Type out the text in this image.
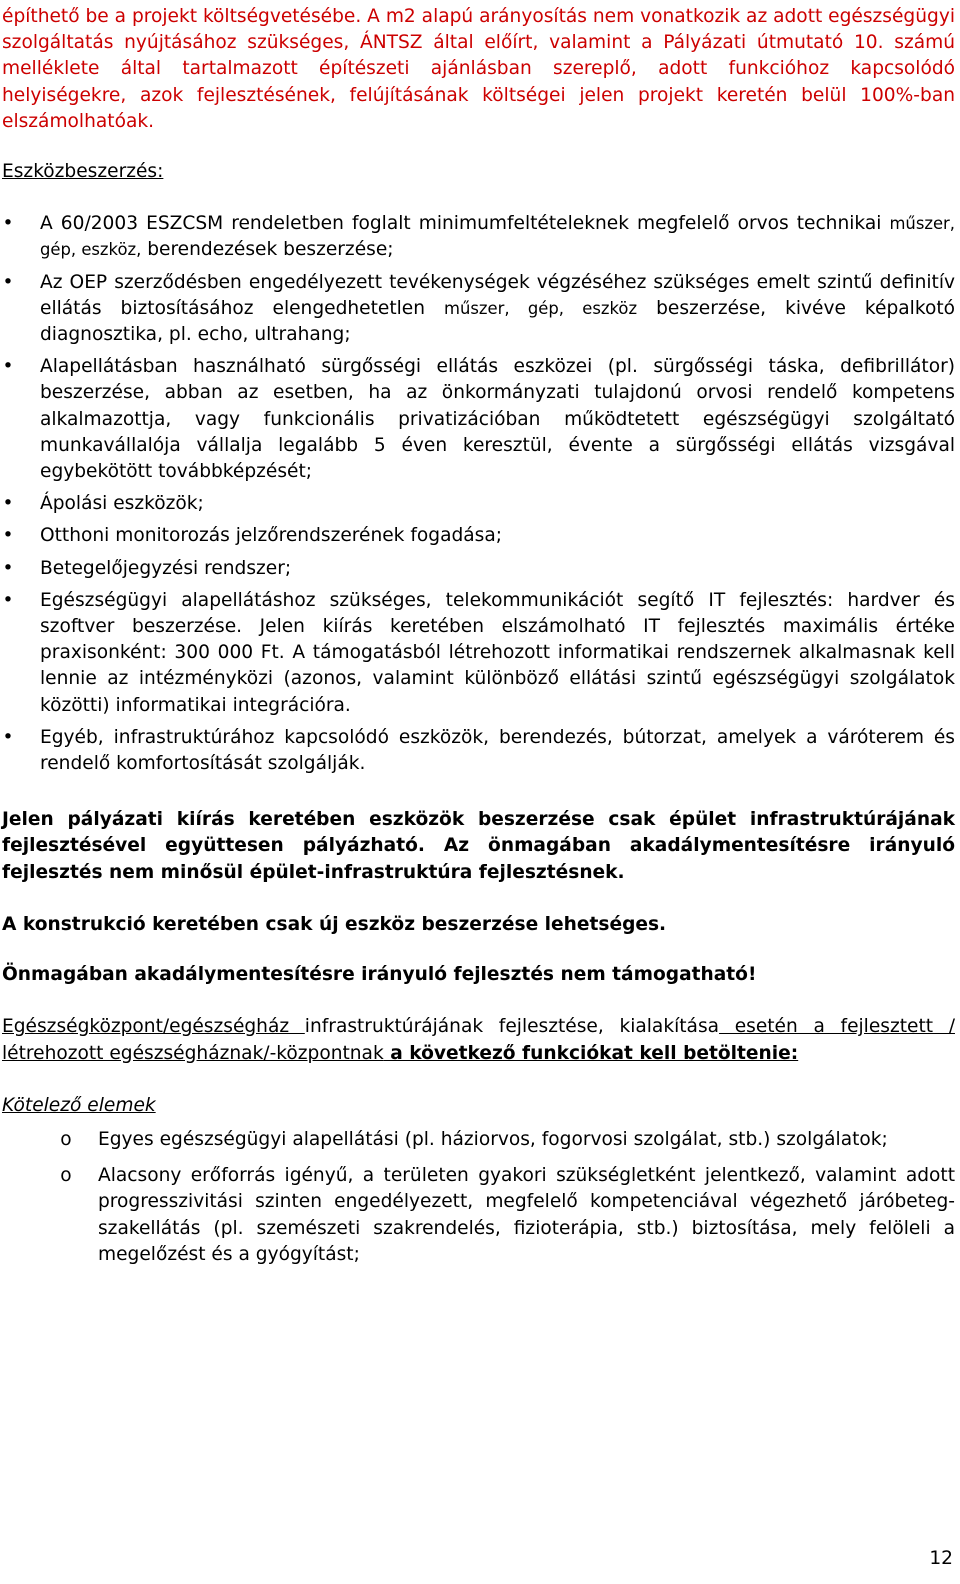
építhető be a projekt költségvetésébe. A m2 alapú arányosítás nem vonatkozik az adott egészségügyi szolgáltatás nyújtásához szükséges, ÁNTSZ által előírt, valamint a Pályázati útmutató 10. számú melléklete által tartalmazott építészeti ajánlásban szereplő, adott funkcióhoz kapcsolódó helyiségekre, azok fejlesztésének, felújításának költségei jelen projekt keretén belül 100%-ban elszámolhatóak.

Eszközbeszerzés:

• A 60/2003 ESZCSM rendeletben foglalt minimumfeltételeknek megfelelő orvos technikai műszer, gép, eszköz, berendezések beszerzése;
• Az OEP szerződésben engedélyezett tevékenységek végzéséhez szükséges emelt szintű definitív ellátás biztosításához elengedhetetlen műszer, gép, eszköz beszerzése, kivéve képalkotó diagnosztika, pl. echo, ultrahang;
• Alapellátásban használható sürgősségi ellátás eszközei (pl. sürgősségi táska, defibrillátor) beszerzése, abban az esetben, ha az önkormányzati tulajdonú orvosi rendelő kompetens alkalmazottja, vagy funkcionális privatizációban működtetett egészségügyi szolgáltató munkavállalója vállalja legalább 5 éven keresztül, évente a sürgősségi ellátás vizsgával egybekötött továbbképzését;
• Ápolási eszközök;
• Otthoni monitorozás jelzőrendszerének fogadása;
• Betegelőjegyzési rendszer;
• Egészségügyi alapellátáshoz szükséges, telekommunikációt segítő IT fejlesztés: hardver és szoftver beszerzése. Jelen kiírás keretében elszámolható IT fejlesztés maximális értéke praxisonként: 300 000 Ft. A támogatásból létrehozott informatikai rendszernek alkalmasnak kell lennie az intézményközi (azonos, valamint különböző ellátási szintű egészségügyi szolgálatok közötti) informatikai integrációra.
• Egyéb, infrastruktúrához kapcsolódó eszközök, berendezés, bútorzat, amelyek a váróterem és rendelő komfortosítását szolgálják.

Jelen pályázati kiírás keretében eszközök beszerzése csak épület infrastruktúrájának fejlesztésével együttesen pályázható. Az önmagában akadálymentesítésre irányuló fejlesztés nem minősül épület-infrastruktúra fejlesztésnek.

A konstrukció keretében csak új eszköz beszerzése lehetséges.

Önmagában akadálymentesítésre irányuló fejlesztés nem támogatható!

Egészségközpont/egészségház infrastruktúrájának fejlesztése, kialakítása esetén a fejlesztett / létrehozott egészségháznak/-központnak a következő funkciókat kell betöltenie:

Kötelező elemek

o Egyes egészségügyi alapellátási (pl. háziorvos, fogorvosi szolgálat, stb.) szolgálatok;
o Alacsony erőforrás igényű, a területen gyakori szükségletként jelentkező, valamint adott progresszivitási szinten engedélyezett, megfelelő kompetenciával végezhető járóbeteg-szakellátás (pl. szemészeti szakrendelés, fizioterápia, stb.) biztosítása, mely felöleli a megelőzést és a gyógyítást;
12
